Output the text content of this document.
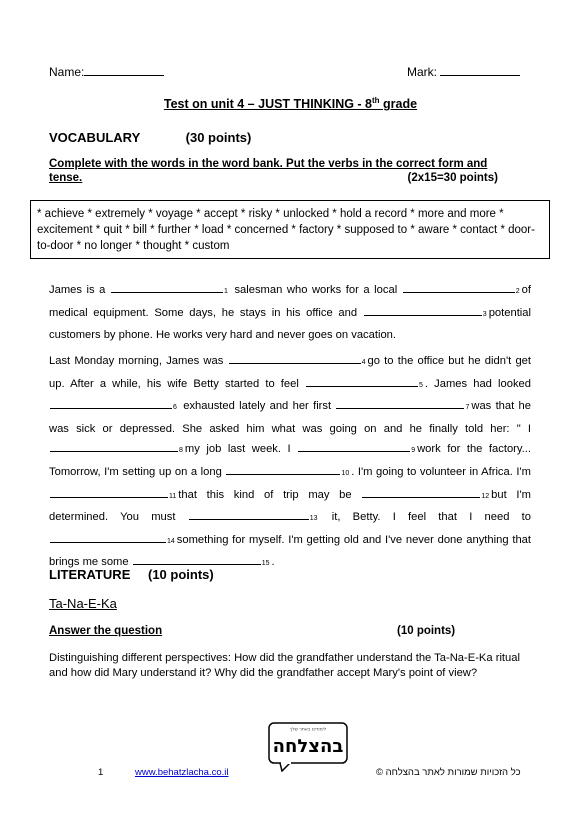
Name:	Mark:
Test on unit 4 – JUST THINKING - 8th grade
VOCABULARY	(30 points)
Complete with the words in the word bank. Put the verbs in the correct form and
tense.	(2x15=30 points)
* achieve * extremely * voyage * accept * risky * unlocked * hold a record * more and more * excitement * quit * bill * further * load * concerned * factory * supposed to * aware * contact * door-to-door * no longer * thought * custom
James is a	1 salesman who works for a local	2 of medical equipment. Some days, he stays in his office and	3 potential customers by phone. He works very hard and never goes on vacation.
Last Monday morning, James was	4 go to the office but he didn't get up. After a while, his wife Betty started to feel	5 . James had looked 6 exhausted lately and her first	7 was that he was sick or depressed. She asked him what was going on and he finally told her: " I 8 my job last week. I	9 work for the factory... Tomorrow, I'm setting up on a long	10 . I'm going to volunteer in Africa. I'm 11 that this kind of trip may be	12 but I'm determined. You must	13 it, Betty. I feel that I need to 14 something for myself. I'm getting old and I've never done anything that brings me some	15 .
LITERATURE (10 points)
Ta-Na-E-Ka
Answer the question	(10 points)
Distinguishing different perspectives: How did the grandfather understand the Ta-Na-E-Ka ritual and how did Mary understand it? Why did the grandfather accept Mary's point of view?
לימודים באתר שלך
בהצלחה
1	www.behatzlacha.co.il	כל הזכויות שמורות לאתר בהצלחה ©
